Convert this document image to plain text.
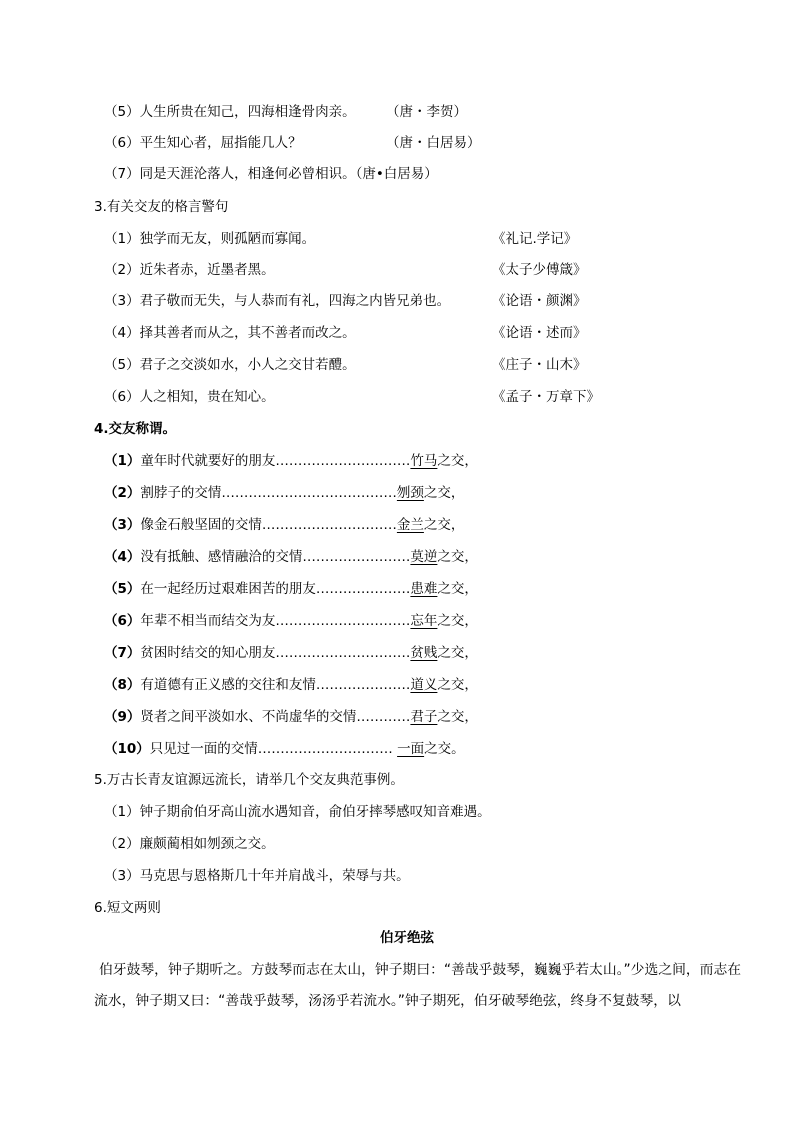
（5）人生所贵在知己，四海相逢骨肉亲。 （唐・李贺）
（6）平生知心者，屈指能几人？	（唐・白居易）
（7）同是天涯沦落人，相逢何必曾相识。（唐•白居易）
3.有关交友的格言警句
（1）独学而无友，则孤陋而寡闻。	《礼记.学记》
（2）近朱者赤，近墨者黑。	《太子少傅箴》
（3）君子敬而无失，与人恭而有礼，四海之内皆兄弟也。	《论语・颜渊》
（4）择其善者而从之，其不善者而改之。	《论语・述而》
（5）君子之交淡如水，小人之交甘若醴。	《庄子・山木》
（6）人之相知，贵在知心。	《孟子・万章下》
4.交友称谓。
（1）童年时代就要好的朋友…………………………竹马之交，
（2）割脖子的交情…………………………………刎颈之交，
（3）像金石般坚固的交情…………………………金兰之交，
（4）没有抵触、感情融洽的交情……………………莫逆之交，
（5）在一起经历过艰难困苦的朋友…………………患难之交，
（6）年辈不相当而结交为友…………………………忘年之交，
（7）贫困时结交的知心朋友…………………………贫贱之交，
（8）有道德有正义感的交往和友情…………………道义之交，
（9）贤者之间平淡如水、不尚虚华的交情…………君子之交，
（10）只见过一面的交情………………………… 一面之交。
5.万古长青友谊源远流长，请举几个交友典范事例。
（1）钟子期俞伯牙高山流水遇知音，俞伯牙摔琴感叹知音难遇。
（2）廉颇蔺相如刎颈之交。
（3）马克思与恩格斯几十年并肩战斗，荣辱与共。
6.短文两则
伯牙绝弦
伯牙鼓琴，钟子期听之。方鼓琴而志在太山，钟子期曰：“善哉乎鼓琴，巍巍乎若太山。”少选之间，而志在流水，钟子期又曰：“善哉乎鼓琴，汤汤乎若流水。”钟子期死，伯牙破琴绝弦，终身不复鼓琴，以
